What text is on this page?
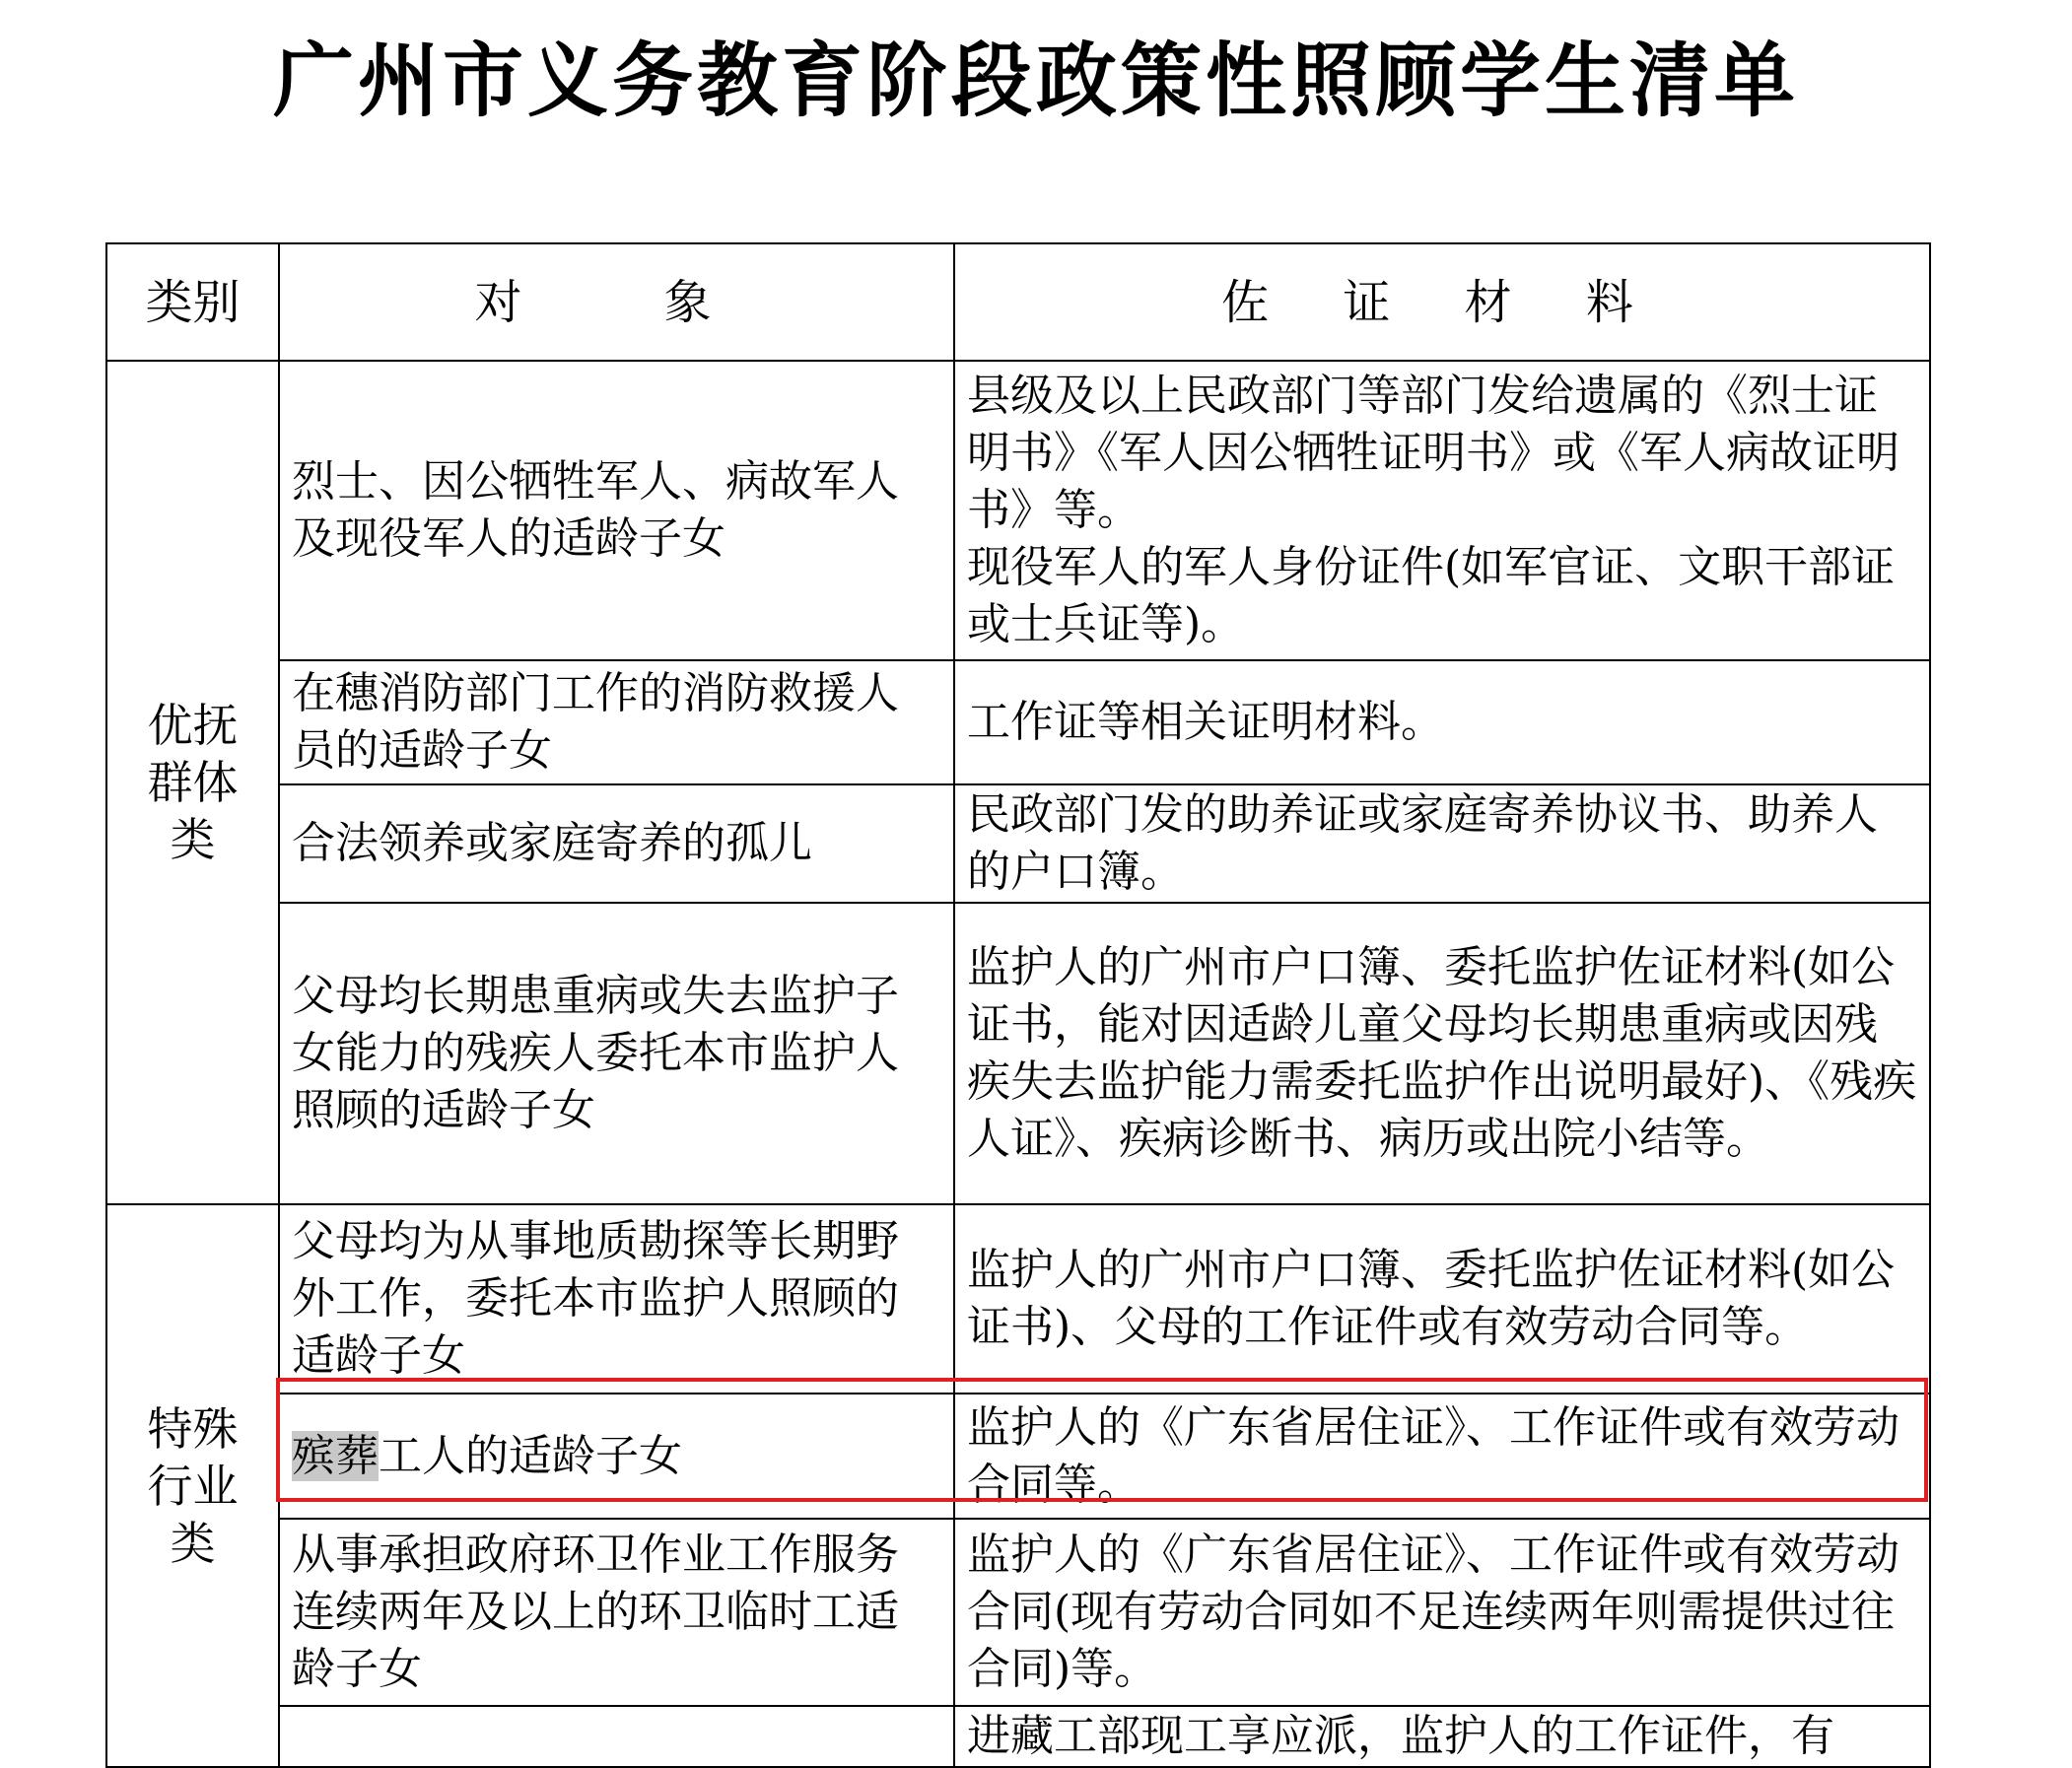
广州市义务教育阶段政策性照顾学生清单
类别	对　象	佐 证 材 料
优抚群体类	烈士、因公牺牲军人、病故军人及现役军人的适龄子女	县级及以上民政部门等部门发给遗属的《烈士证明书》《军人因公牺牲证明书》或《军人病故证明书》等。
现役军人的军人身份证件(如军官证、文职干部证或士兵证等)。

	在穗消防部门工作的消防救援人员的适龄子女	工作证等相关证明材料。

	合法领养或家庭寄养的孤儿	民政部门发的助养证或家庭寄养协议书、助养人的户口簿。

	父母均长期患重病或失去监护子女能力的残疾人委托本市监护人照顾的适龄子女	监护人的广州市户口簿、委托监护佐证材料(如公证书，能对因适龄儿童父母均长期患重病或因残疾失去监护能力需委托监护作出说明最好)、《残疾人证》、疾病诊断书、病历或出院小结等。

特殊行业类	父母均为从事地质勘探等长期野外工作，委托本市监护人照顾的适龄子女	监护人的广州市户口簿、委托监护佐证材料(如公证书)、父母的工作证件或有效劳动合同等。

	殡葬工人的适龄子女	监护人的《广东省居住证》、工作证件或有效劳动合同等。

	从事承担政府环卫作业工作服务连续两年及以上的环卫临时工适龄子女	监护人的《广东省居住证》、工作证件或有效劳动合同(现有劳动合同如不足连续两年则需提供过往合同)等。

		进藏工部现工享应派，监护人的工作证件，有
